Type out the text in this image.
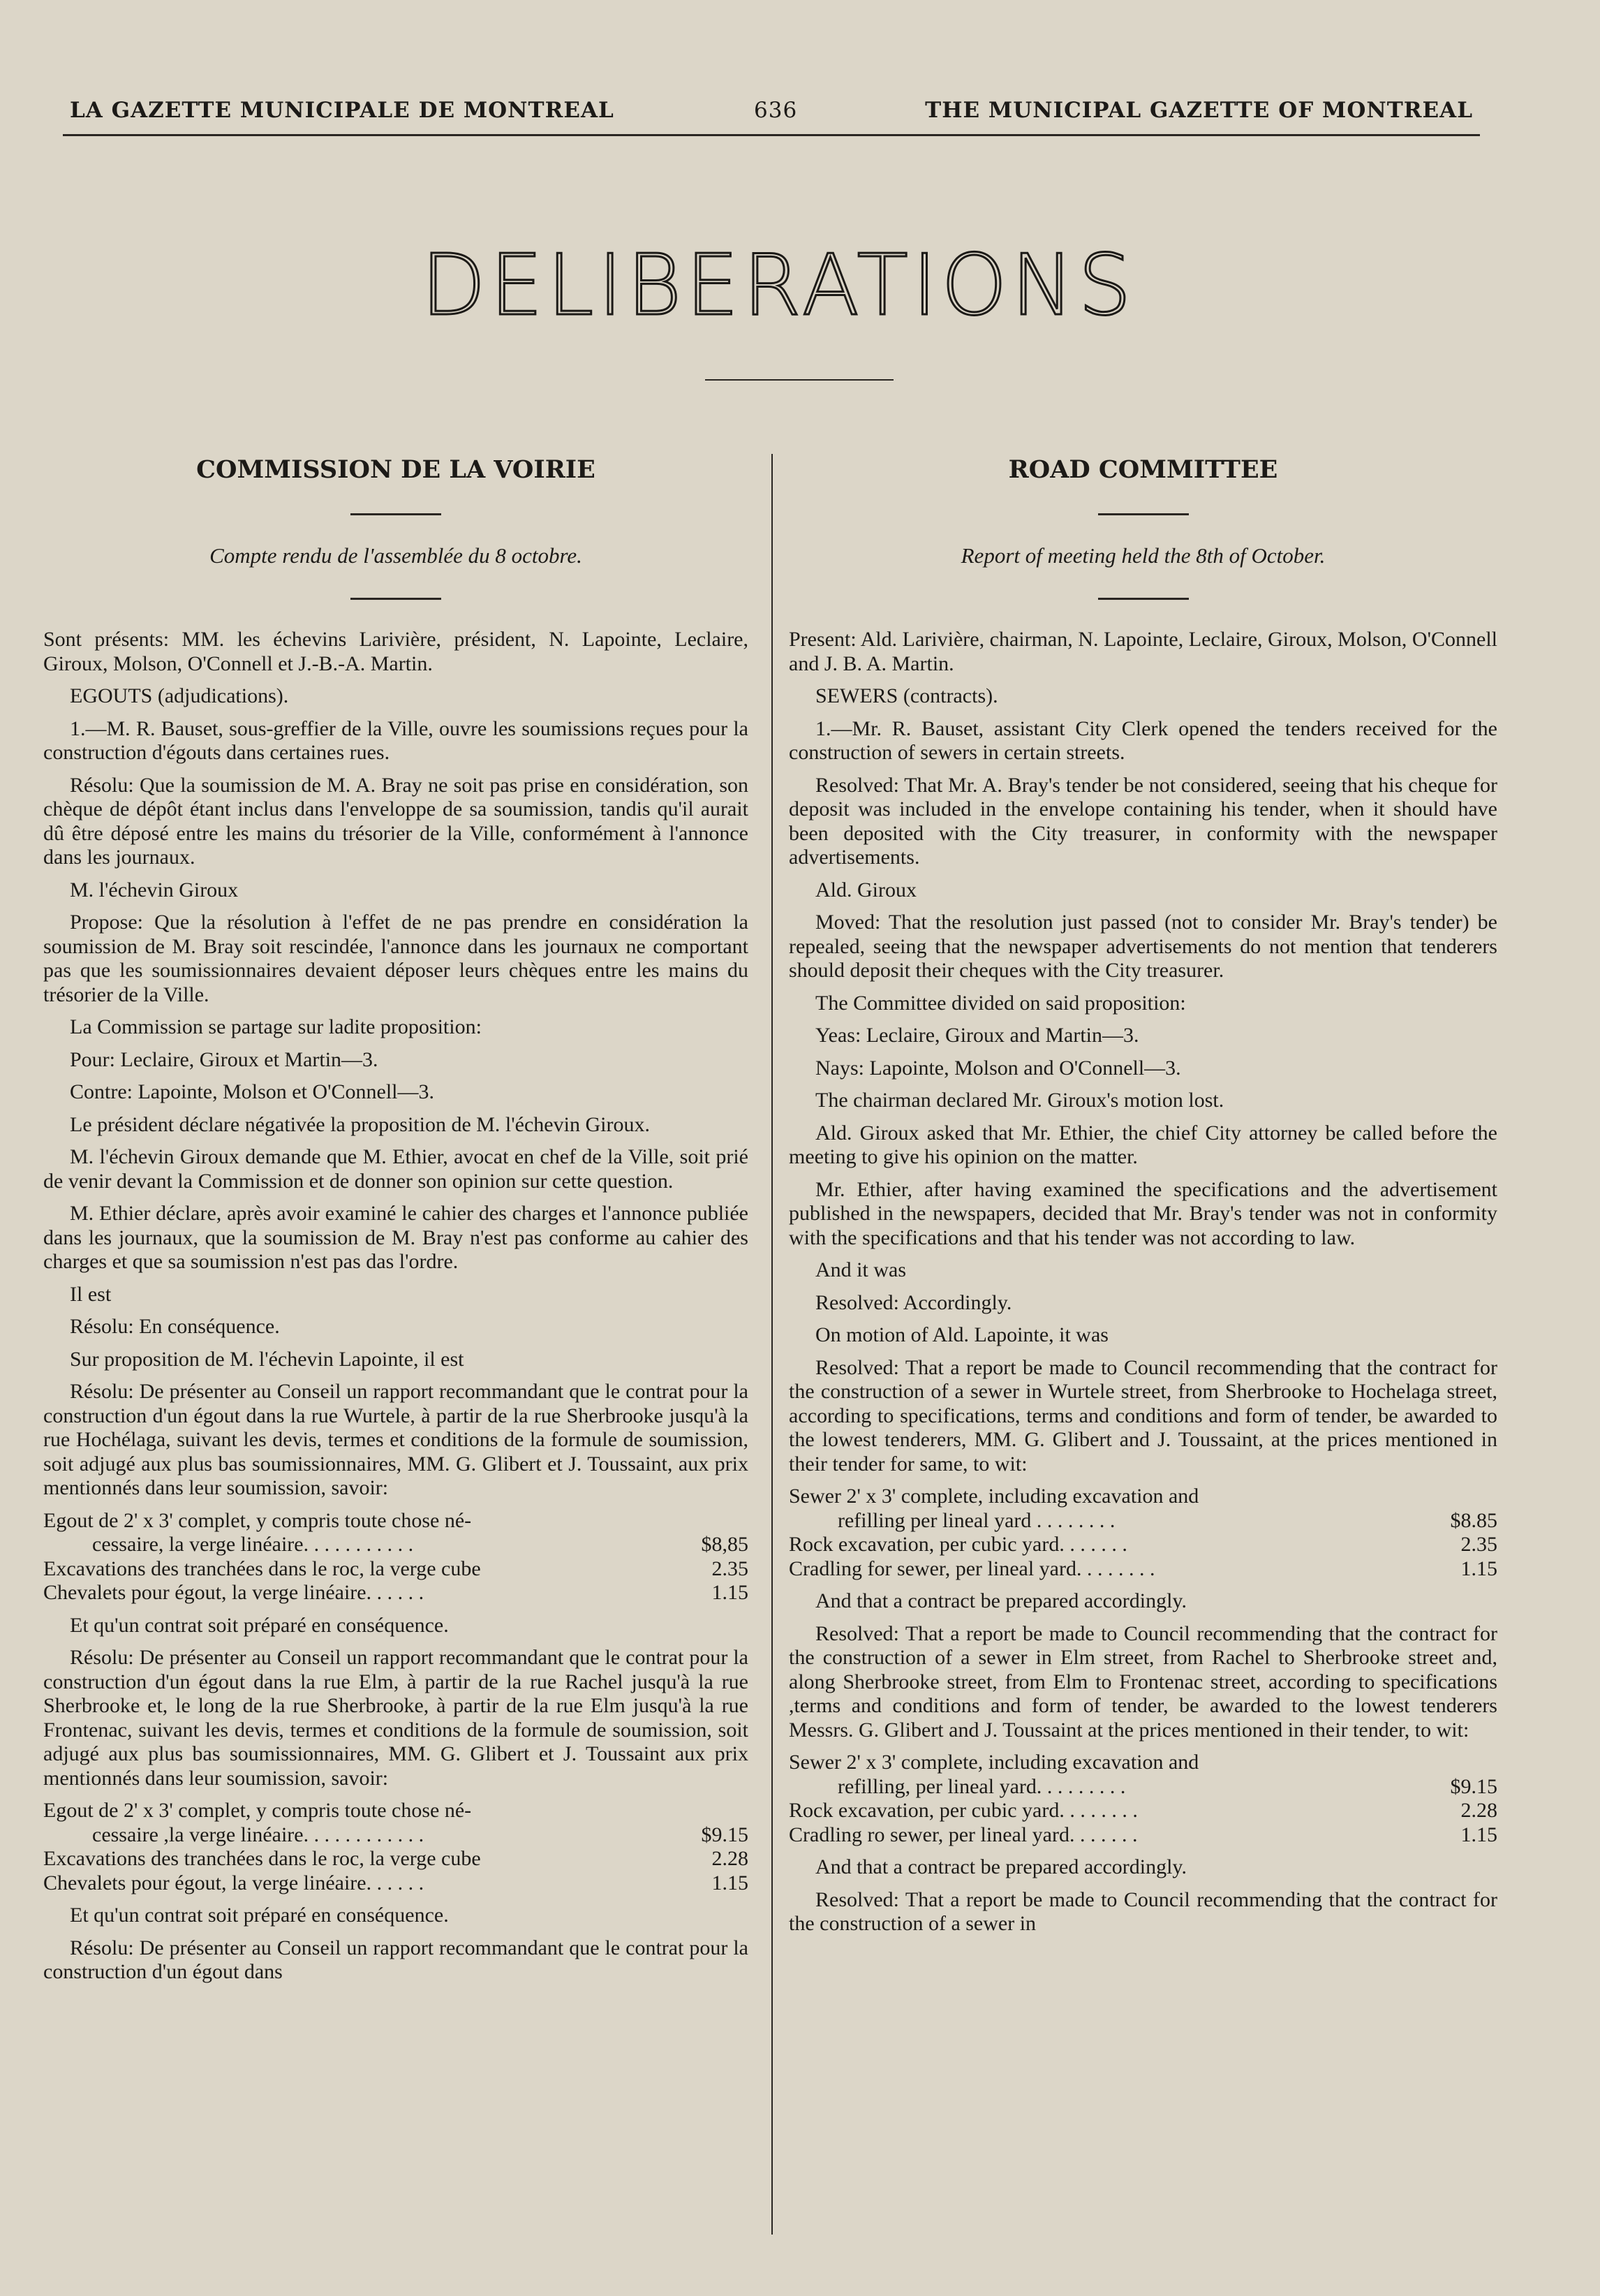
LA GAZETTE MUNICIPALE DE MONTREAL	636	THE MUNICIPAL GAZETTE OF MONTREAL
DELIBERATIONS
COMMISSION DE LA VOIRIE
Compte rendu de l'assemblée du 8 octobre.
Sont présents: MM. les échevins Larivière, président, N. Lapointe, Leclaire, Giroux, Molson, O'Connell et J.-B.-A. Martin.
EGOUTS (adjudications).
1.—M. R. Bauset, sous-greffier de la Ville, ouvre les soumissions reçues pour la construction d'égouts dans certaines rues.
Résolu: Que la soumission de M. A. Bray ne soit pas prise en considération, son chèque de dépôt étant inclus dans l'enveloppe de sa soumission, tandis qu'il aurait dû être déposé entre les mains du trésorier de la Ville, conformément à l'annonce dans les journaux.
M. l'échevin Giroux
Propose: Que la résolution à l'effet de ne pas prendre en considération la soumission de M. Bray soit rescindée, l'annonce dans les journaux ne comportant pas que les soumissionnaires devaient déposer leurs chèques entre les mains du trésorier de la Ville.
La Commission se partage sur ladite proposition:
Pour: Leclaire, Giroux et Martin—3.
Contre: Lapointe, Molson et O'Connell—3.
Le président déclare négativée la proposition de M. l'échevin Giroux.
M. l'échevin Giroux demande que M. Ethier, avocat en chef de la Ville, soit prié de venir devant la Commission et de donner son opinion sur cette question.
M. Ethier déclare, après avoir examiné le cahier des charges et l'annonce publiée dans les journaux, que la soumission de M. Bray n'est pas conforme au cahier des charges et que sa soumission n'est pas das l'ordre.
Il est
Résolu: En conséquence.
Sur proposition de M. l'échevin Lapointe, il est
Résolu: De présenter au Conseil un rapport recommandant que le contrat pour la construction d'un égout dans la rue Wurtele, à partir de la rue Sherbrooke jusqu'à la rue Hochélaga, suivant les devis, termes et conditions de la formule de soumission, soit adjugé aux plus bas soumissionnaires, MM. G. Glibert et J. Toussaint, aux prix mentionnés dans leur soumission, savoir:
Egout de 2' x 3' complet, y compris toute chose né-
cessaire, la verge linéaire. . . . . . . . . . .	$8,85
Excavations des tranchées dans le roc, la verge cube	2.35
Chevalets pour égout, la verge linéaire. . . . . .	1.15
Et qu'un contrat soit préparé en conséquence.
Résolu: De présenter au Conseil un rapport recommandant que le contrat pour la construction d'un égout dans la rue Elm, à partir de la rue Rachel jusqu'à la rue Sherbrooke et, le long de la rue Sherbrooke, à partir de la rue Elm jusqu'à la rue Frontenac, suivant les devis, termes et conditions de la formule de soumission, soit adjugé aux plus bas soumissionnaires, MM. G. Glibert et J. Toussaint aux prix mentionnés dans leur soumission, savoir:
Egout de 2' x 3' complet, y compris toute chose né-
cessaire ,la verge linéaire. . . . . . . . . . . .	$9.15
Excavations des tranchées dans le roc, la verge cube	2.28
Chevalets pour égout, la verge linéaire. . . . . .	1.15
Et qu'un contrat soit préparé en conséquence.
Résolu: De présenter au Conseil un rapport recommandant que le contrat pour la construction d'un égout dans
ROAD COMMITTEE
Report of meeting held the 8th of October.
Present: Ald. Larivière, chairman, N. Lapointe, Leclaire, Giroux, Molson, O'Connell and J. B. A. Martin.
SEWERS (contracts).
1.—Mr. R. Bauset, assistant City Clerk opened the tenders received for the construction of sewers in certain streets.
Resolved: That Mr. A. Bray's tender be not considered, seeing that his cheque for deposit was included in the envelope containing his tender, when it should have been deposited with the City treasurer, in conformity with the newspaper advertisements.
Ald. Giroux
Moved: That the resolution just passed (not to consider Mr. Bray's tender) be repealed, seeing that the newspaper advertisements do not mention that tenderers should deposit their cheques with the City treasurer.
The Committee divided on said proposition:
Yeas: Leclaire, Giroux and Martin—3.
Nays: Lapointe, Molson and O'Connell—3.
The chairman declared Mr. Giroux's motion lost.
Ald. Giroux asked that Mr. Ethier, the chief City attorney be called before the meeting to give his opinion on the matter.
Mr. Ethier, after having examined the specifications and the advertisement published in the newspapers, decided that Mr. Bray's tender was not in conformity with the specifications and that his tender was not according to law.
And it was
Resolved: Accordingly.
On motion of Ald. Lapointe, it was
Resolved: That a report be made to Council recommending that the contract for the construction of a sewer in Wurtele street, from Sherbrooke to Hochelaga street, according to specifications, terms and conditions and form of tender, be awarded to the lowest tenderers, MM. G. Glibert and J. Toussaint, at the prices mentioned in their tender for same, to wit:
Sewer 2' x 3' complete, including excavation and
refilling per lineal yard . . . . . . . .	$8.85
Rock excavation, per cubic yard. . . . . . .	2.35
Cradling for sewer, per lineal yard. . . . . . . .	1.15
And that a contract be prepared accordingly.
Resolved: That a report be made to Council recommending that the contract for the construction of a sewer in Elm street, from Rachel to Sherbrooke street and, along Sherbrooke street, from Elm to Frontenac street, according to specifications ,terms and conditions and form of tender, be awarded to the lowest tenderers Messrs. G. Glibert and J. Toussaint at the prices mentioned in their tender, to wit:
Sewer 2' x 3' complete, including excavation and
refilling, per lineal yard. . . . . . . . .	$9.15
Rock excavation, per cubic yard. . . . . . . .	2.28
Cradling ro sewer, per lineal yard. . . . . . .	1.15
And that a contract be prepared accordingly.
Resolved: That a report be made to Council recommending that the contract for the construction of a sewer in
